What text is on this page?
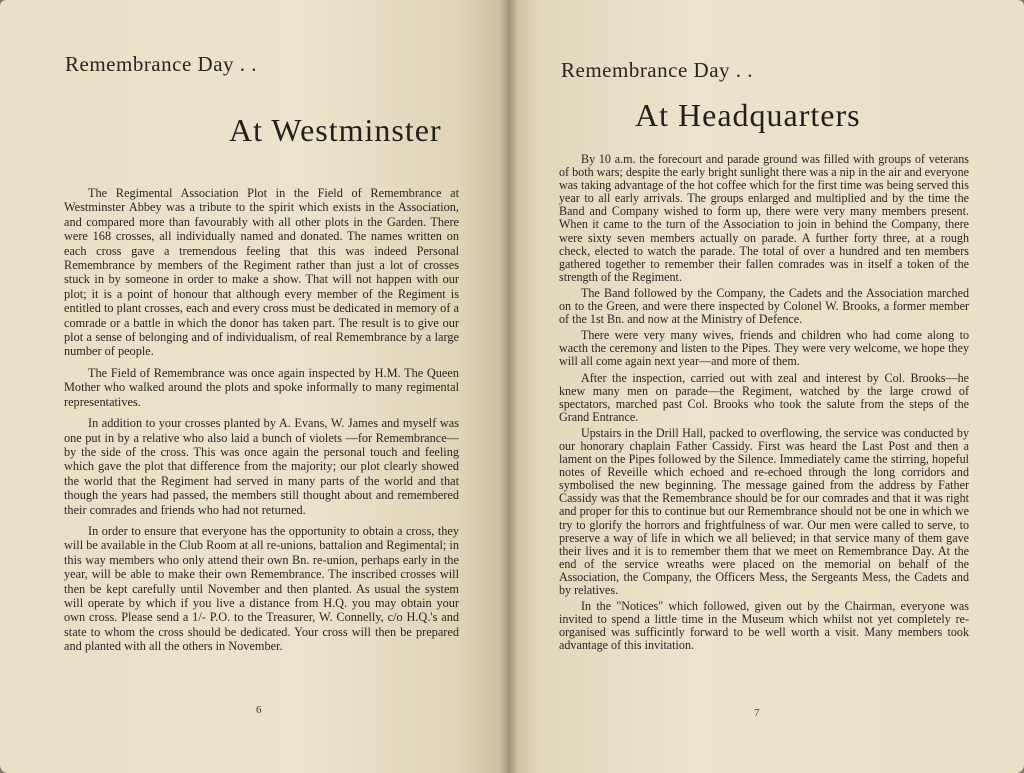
Remembrance Day . .
At Westminster

The Regimental Association Plot in the Field of Remembrance at Westminster Abbey was a tribute to the spirit which exists in the Association, and compared more than favourably with all other plots in the Garden. There were 168 crosses, all individually named and donated. The names written on each cross gave a tremendous feeling that this was indeed Personal Remembrance by members of the Regiment rather than just a lot of crosses stuck in by someone in order to make a show. That will not happen with our plot; it is a point of honour that although every member of the Regiment is entitled to plant crosses, each and every cross must be dedicated in memory of a comrade or a battle in which the donor has taken part. The result is to give our plot a sense of belonging and of individualism, of real Remembrance by a large number of people.

The Field of Remembrance was once again inspected by H.M. The Queen Mother who walked around the plots and spoke informally to many regimental representatives.

In addition to your crosses planted by A. Evans, W. James and myself was one put in by a relative who also laid a bunch of violets —for Remembrance—by the side of the cross. This was once again the personal touch and feeling which gave the plot that difference from the majority; our plot clearly showed the world that the Regiment had served in many parts of the world and that though the years had passed, the members still thought about and remembered their comrades and friends who had not returned.

In order to ensure that everyone has the opportunity to obtain a cross, they will be available in the Club Room at all re-unions, battalion and Regimental; in this way members who only attend their own Bn. re-union, perhaps early in the year, will be able to make their own Remembrance. The inscribed crosses will then be kept carefully until November and then planted. As usual the system will operate by which if you live a distance from H.Q. you may obtain your own cross. Please send a 1/- P.O. to the Treasurer, W. Connelly, c/o H.Q.'s and state to whom the cross should be dedicated. Your cross will then be prepared and planted with all the others in November.

6
Remembrance Day . .
At Headquarters

By 10 a.m. the forecourt and parade ground was filled with groups of veterans of both wars; despite the early bright sunlight there was a nip in the air and everyone was taking advantage of the hot coffee which for the first time was being served this year to all early arrivals. The groups enlarged and multiplied and by the time the Band and Company wished to form up, there were very many members present. When it came to the turn of the Association to join in behind the Company, there were sixty seven members actually on parade. A further forty three, at a rough check, elected to watch the parade. The total of over a hundred and ten members gathered together to remember their fallen comrades was in itself a token of the strength of the Regiment.

The Band followed by the Company, the Cadets and the Association marched on to the Green, and were there inspected by Colonel W. Brooks, a former member of the 1st Bn. and now at the Ministry of Defence.

There were very many wives, friends and children who had come along to wacth the ceremony and listen to the Pipes. They were very welcome, we hope they will all come again next year—and more of them.

After the inspection, carried out with zeal and interest by Col. Brooks—he knew many men on parade—the Regiment, watched by the large crowd of spectators, marched past Col. Brooks who took the salute from the steps of the Grand Entrance.

Upstairs in the Drill Hall, packed to overflowing, the service was conducted by our honorary chaplain Father Cassidy. First was heard the Last Post and then a lament on the Pipes followed by the Silence. Immediately came the stirring, hopeful notes of Reveille which echoed and re-echoed through the long corridors and symbolised the new beginning. The message gained from the address by Father Cassidy was that the Remembrance should be for our comrades and that it was right and proper for this to continue but our Remembrance should not be one in which we try to glorify the horrors and frightfulness of war. Our men were called to serve, to preserve a way of life in which we all believed; in that service many of them gave their lives and it is to remember them that we meet on Remembrance Day. At the end of the service wreaths were placed on the memorial on behalf of the Association, the Company, the Officers Mess, the Sergeants Mess, the Cadets and by relatives.

In the "Notices" which followed, given out by the Chairman, everyone was invited to spend a little time in the Museum which whilst not yet completely re-organised was sufficintly forward to be well worth a visit. Many members took advantage of this invitation.

7
